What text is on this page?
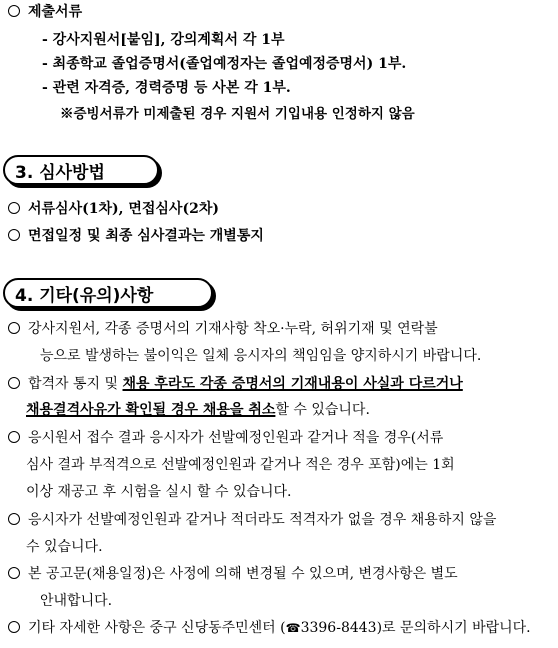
제출서류
- 강사지원서[붙임], 강의계획서 각 1부
- 최종학교 졸업증명서(졸업예정자는 졸업예정증명서) 1부.
- 관련 자격증, 경력증명 등 사본 각 1부.
※증빙서류가 미제출된 경우 지원서 기입내용 인정하지 않음
3. 심사방법
서류심사(1차), 면접심사(2차)
면접일정 및 최종 심사결과는 개별통지
4. 기타(유의)사항
강사지원서, 각종 증명서의 기재사항 착오·누락, 허위기재 및 연락불
능으로 발생하는 불이익은 일체 응시자의 책임임을 양지하시기 바랍니다.
합격자 통지 및 채용 후라도 각종 증명서의 기재내용이 사실과 다르거나
채용결격사유가 확인될 경우 채용을 취소할 수 있습니다.
응시원서 접수 결과 응시자가 선발예정인원과 같거나 적을 경우(서류
심사 결과 부적격으로 선발예정인원과 같거나 적은 경우 포함)에는 1회
이상 재공고 후 시험을 실시 할 수 있습니다.
응시자가 선발예정인원과 같거나 적더라도 적격자가 없을 경우 채용하지 않을
수 있습니다.
본 공고문(채용일정)은 사정에 의해 변경될 수 있으며, 변경사항은 별도
안내합니다.
기타 자세한 사항은 중구 신당동주민센터 (☎3396-8443)로 문의하시기 바랍니다.
